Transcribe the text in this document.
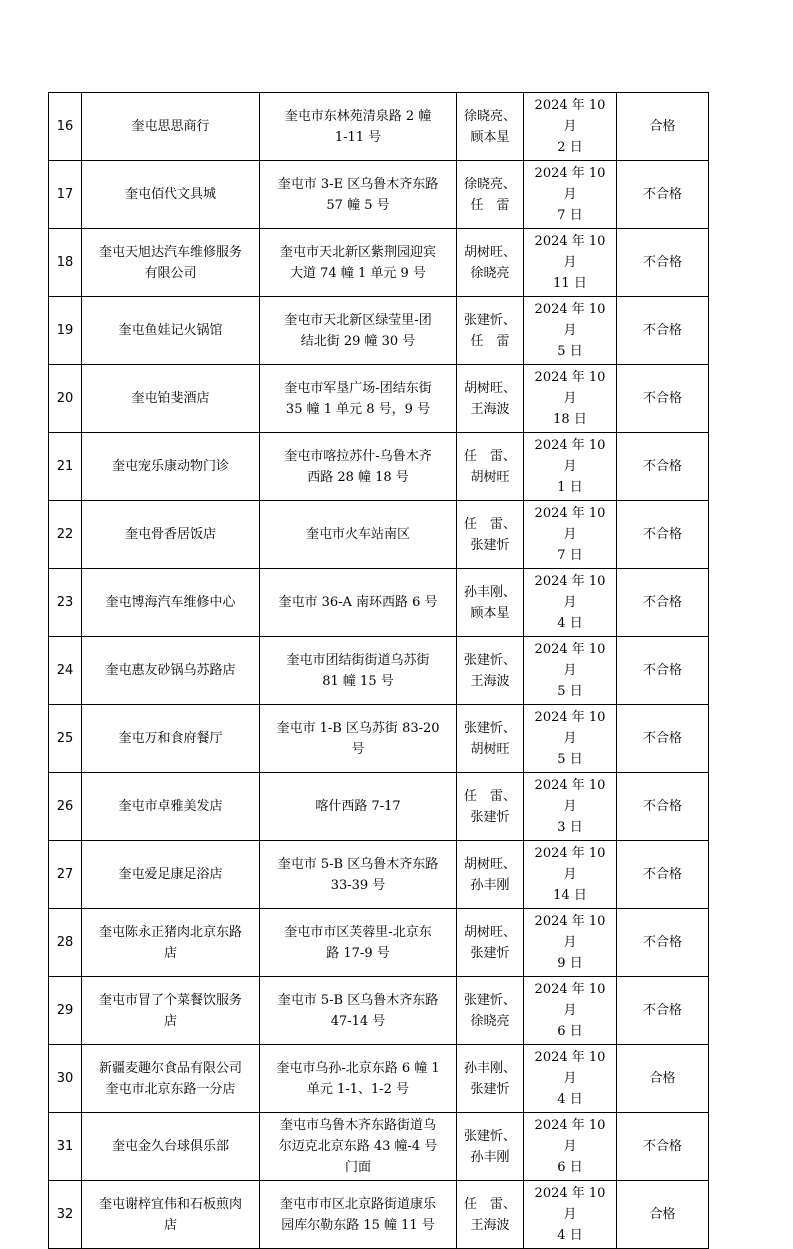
16	奎屯思思商行	奎屯市东林苑清泉路 2 幢
1-11 号	徐晓亮、
顾本星	2024 年 10 月
2 日	合格
17	奎屯佰代文具城	奎屯市 3-E 区乌鲁木齐东路
57 幢 5 号	徐晓亮、
任　雷	2024 年 10 月
7 日	不合格
18	奎屯天旭达汽车维修服务
有限公司	奎屯市天北新区紫荆园迎宾
大道 74 幢 1 单元 9 号	胡树旺、
徐晓亮	2024 年 10 月
11 日	不合格
19	奎屯鱼娃记火锅馆	奎屯市天北新区绿莹里-团
结北街 29 幢 30 号	张建忻、
任　雷	2024 年 10 月
5 日	不合格
20	奎屯铂斐酒店	奎屯市军垦广场-团结东街
35 幢 1 单元 8 号，9 号	胡树旺、
王海波	2024 年 10 月
18 日	不合格
21	奎屯宠乐康动物门诊	奎屯市喀拉苏什-乌鲁木齐
西路 28 幢 18 号	任　雷、
胡树旺	2024 年 10 月
1 日	不合格
22	奎屯骨香居饭店	奎屯市火车站南区	任　雷、
张建忻	2024 年 10 月
7 日	不合格
23	奎屯博海汽车维修中心	奎屯市 36-A 南环西路 6 号	孙丰刚、
顾本星	2024 年 10 月
4 日	不合格
24	奎屯惠友砂锅乌苏路店	奎屯市团结街街道乌苏街
81 幢 15 号	张建忻、
王海波	2024 年 10 月
5 日	不合格
25	奎屯万和食府餐厅	奎屯市 1-B 区乌苏街 83-20
号	张建忻、
胡树旺	2024 年 10 月
5 日	不合格
26	奎屯市卓雅美发店	喀什西路 7-17	任　雷、
张建忻	2024 年 10 月
3 日	不合格
27	奎屯爱足康足浴店	奎屯市 5-B 区乌鲁木齐东路
33-39 号	胡树旺、
孙丰刚	2024 年 10 月
14 日	不合格
28	奎屯陈永正猪肉北京东路
店	奎屯市市区芙蓉里-北京东
路 17-9 号	胡树旺、
张建忻	2024 年 10 月
9 日	不合格
29	奎屯市冒了个菜餐饮服务
店	奎屯市 5-B 区乌鲁木齐东路
47-14 号	张建忻、
徐晓亮	2024 年 10 月
6 日	不合格
30	新疆麦趣尔食品有限公司
奎屯市北京东路一分店	奎屯市乌孙-北京东路 6 幢 1
单元 1-1、1-2 号	孙丰刚、
张建忻	2024 年 10 月
4 日	合格
31	奎屯金久台球俱乐部	奎屯市乌鲁木齐东路街道乌
尔迈克北京东路 43 幢-4 号
门面	张建忻、
孙丰刚	2024 年 10 月
6 日	不合格
32	奎屯谢梓宜伟和石板煎肉
店	奎屯市市区北京路街道康乐
园库尔勒东路 15 幢 11 号	任　雷、
王海波	2024 年 10 月
4 日	合格
